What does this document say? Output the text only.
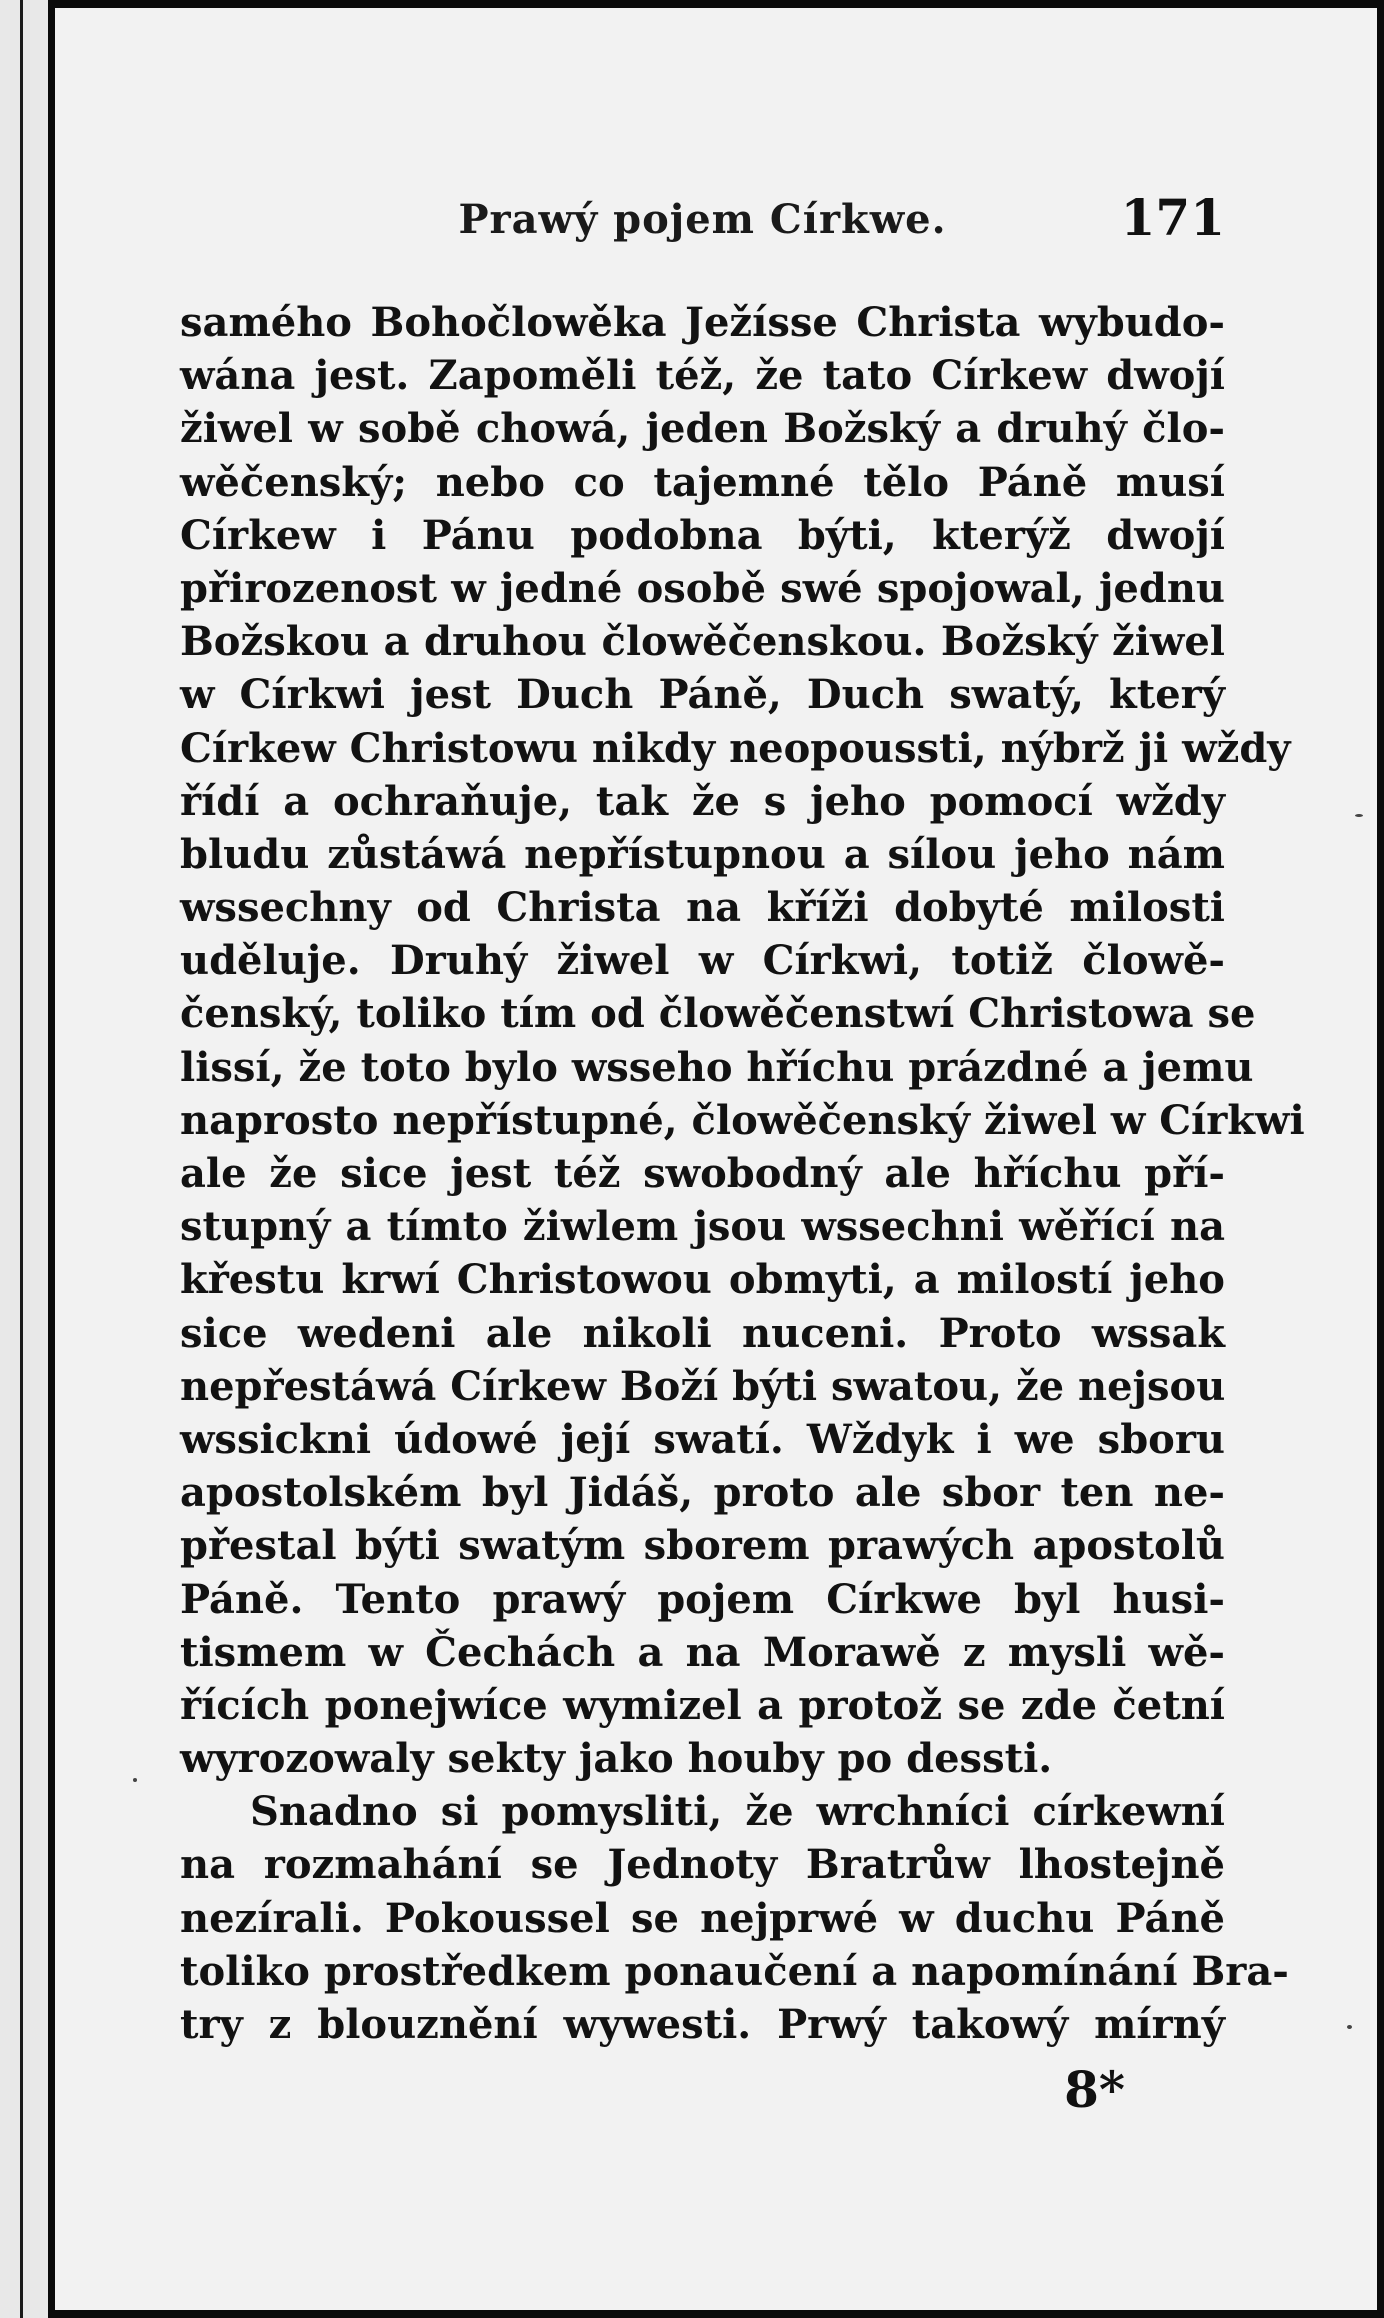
Prawý pojem Církwe.	171
samého Bohočlowěka Ježísse Christa wybudo-
wána jest. Zapoměli též, že tato Církew dwojí
žiwel w sobě chowá, jeden Božský a druhý člo-
wěčenský; nebo co tajemné tělo Páně musí
Církew i Pánu podobna býti, kterýž dwojí
přirozenost w jedné osobě swé spojowal, jednu
Božskou a druhou člowěčenskou. Božský žiwel
w Církwi jest Duch Páně, Duch swatý, který
Církew Christowu nikdy neopoussti, nýbrž ji wždy
řídí a ochraňuje, tak že s jeho pomocí wždy
bludu zůstáwá nepřístupnou a sílou jeho nám
wssechny od Christa na kříži dobyté milosti
uděluje. Druhý žiwel w Církwi, totiž člowě-
čenský, toliko tím od člowěčenstwí Christowa se
lissí, že toto bylo wsseho hříchu prázdné a jemu
naprosto nepřístupné, člowěčenský žiwel w Církwi
ale že sice jest též swobodný ale hříchu pří-
stupný a tímto žiwlem jsou wssechni wěřící na
křestu krwí Christowou obmyti, a milostí jeho
sice wedeni ale nikoli nuceni. Proto wssak
nepřestáwá Církew Boží býti swatou, že nejsou
wssickni údowé její swatí. Wždyk i we sboru
apostolském byl Jidáš, proto ale sbor ten ne-
přestal býti swatým sborem prawých apostolů
Páně. Tento prawý pojem Církwe byl husi-
tismem w Čechách a na Morawě z mysli wě-
řících ponejwíce wymizel a protož se zde četní
wyrozowaly sekty jako houby po dessti.
Snadno si pomysliti, že wrchníci církewní
na rozmahání se Jednoty Bratrůw lhostejně
nezírali. Pokoussel se nejprwé w duchu Páně
toliko prostředkem ponaučení a napomínání Bra-
try z blouznění wywesti. Prwý takowý mírný
8*
